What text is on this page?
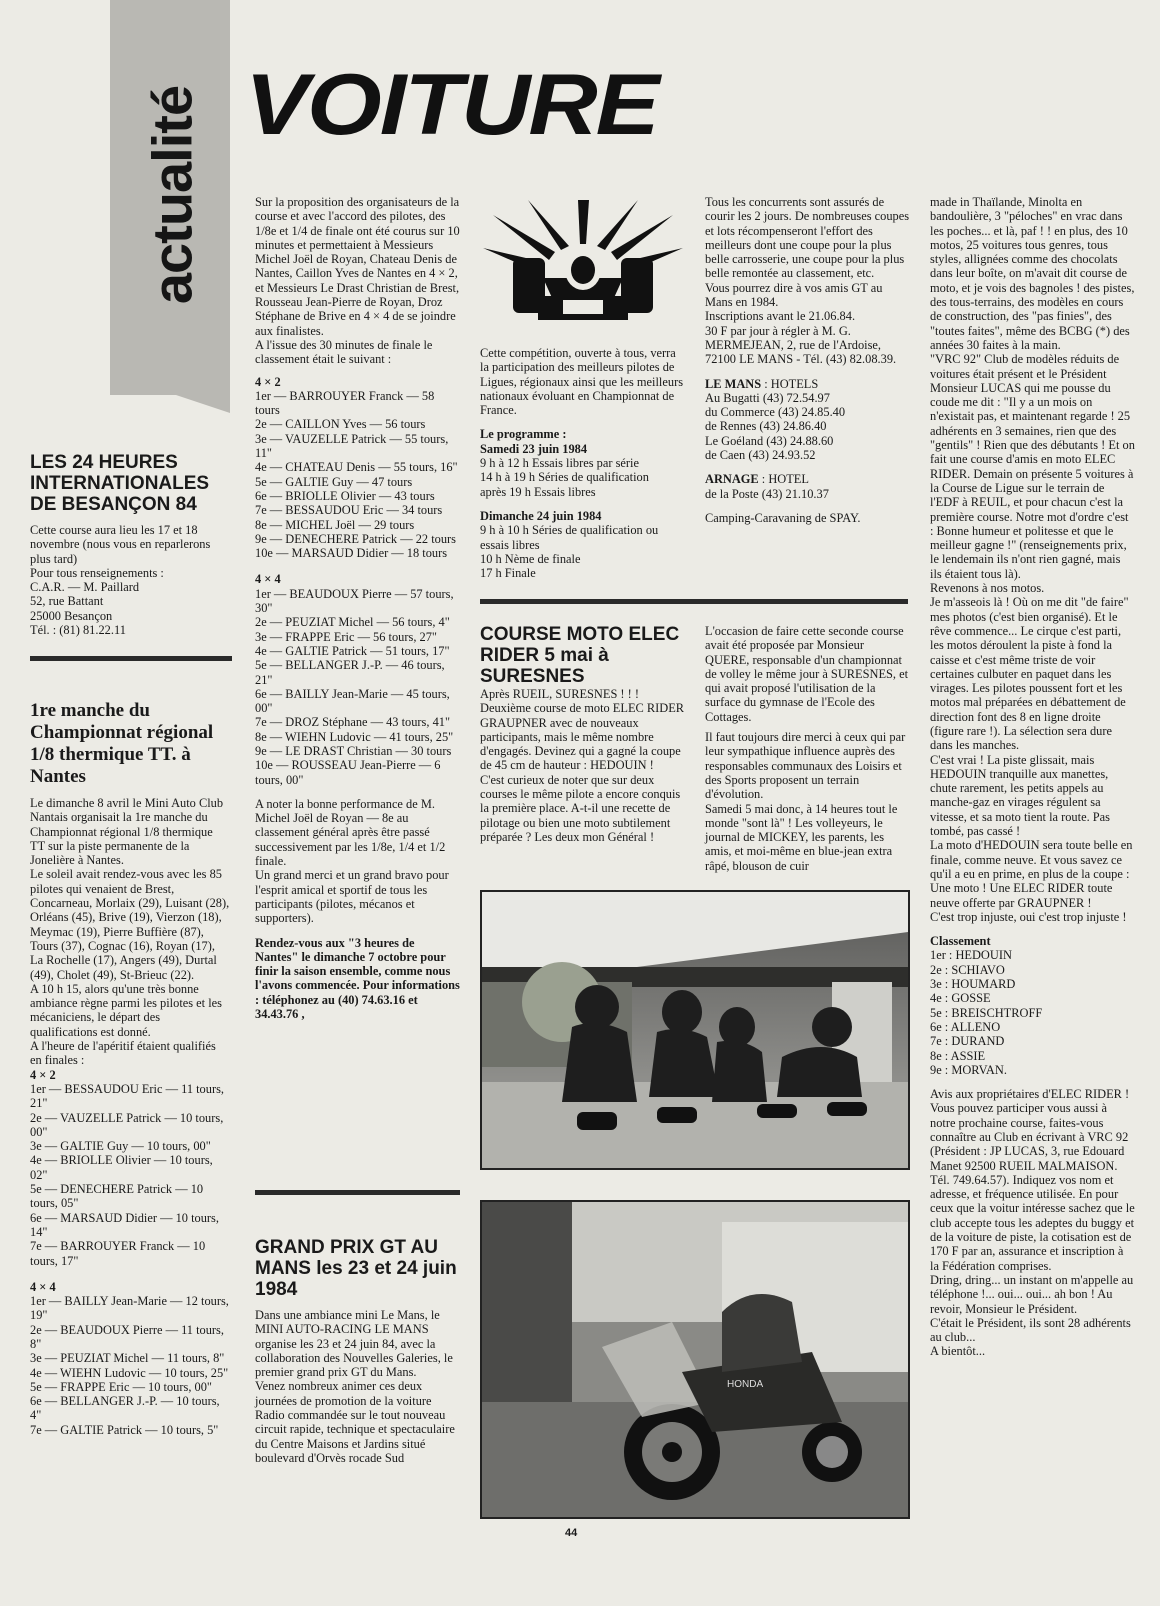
actualité VOITURE
LES 24 HEURES INTERNATIONALES DE BESANÇON 84

Cette course aura lieu les 17 et 18 novembre (nous vous en reparlerons plus tard)

Pour tous renseignements :

C.A.R. — M. Paillard

52, rue Battant

25000 Besançon

Tél. : (81) 81.22.11

1re manche du Championnat régional 1/8 thermique TT. à Nantes

Le dimanche 8 avril le Mini Auto Club Nantais organisait la 1re manche du Championnat régional 1/8 thermique TT sur la piste permanente de la Jonelière à Nantes.

Le soleil avait rendez-vous avec les 85 pilotes qui venaient de Brest, Concarneau, Morlaix (29), Luisant (28), Orléans (45), Brive (19), Vierzon (18), Meymac (19), Pierre Buffière (87), Tours (37), Cognac (16), Royan (17), La Rochelle (17), Angers (49), Durtal (49), Cholet (49), St-Brieuc (22).

A 10 h 15, alors qu'une très bonne ambiance règne parmi les pilotes et les mécaniciens, le départ des qualifications est donné.

A l'heure de l'apéritif étaient qualifiés en finales :

4 × 2
1er — BESSAUDOU Eric — 11 tours, 21"
2e — VAUZELLE Patrick — 10 tours, 00"
3e — GALTIE Guy — 10 tours, 00"
4e — BRIOLLE Olivier — 10 tours, 02"
5e — DENECHERE Patrick — 10 tours, 05"
6e — MARSAUD Didier — 10 tours, 14"
7e — BARROUYER Franck — 10 tours, 17"
4 × 4
1er — BAILLY Jean-Marie — 12 tours, 19"
2e — BEAUDOUX Pierre — 11 tours, 8"
3e — PEUZIAT Michel — 11 tours, 8"
4e — WIEHN Ludovic — 10 tours, 25"
5e — FRAPPE Eric — 10 tours, 00"
6e — BELLANGER J.-P. — 10 tours, 4"
7e — GALTIE Patrick — 10 tours, 5"

Sur la proposition des organisateurs de la course et avec l'accord des pilotes, des 1/8e et 1/4 de finale ont été courus sur 10 minutes et permettaient à Messieurs Michel Joël de Royan, Chateau Denis de Nantes, Caillon Yves de Nantes en 4 × 2, et Messieurs Le Drast Christian de Brest, Rousseau Jean-Pierre de Royan, Droz Stéphane de Brive en 4 × 4 de se joindre aux finalistes.

A l'issue des 30 minutes de finale le classement était le suivant :

4 × 2
1er — BARROUYER Franck — 58 tours
2e — CAILLON Yves — 56 tours
3e — VAUZELLE Patrick — 55 tours, 11"
4e — CHATEAU Denis — 55 tours, 16"
5e — GALTIE Guy — 47 tours
6e — BRIOLLE Olivier — 43 tours
7e — BESSAUDOU Eric — 34 tours
8e — MICHEL Joël — 29 tours
9e — DENECHERE Patrick — 22 tours
10e — MARSAUD Didier — 18 tours
4 × 4
1er — BEAUDOUX Pierre — 57 tours, 30"
2e — PEUZIAT Michel — 56 tours, 4"
3e — FRAPPE Eric — 56 tours, 27"
4e — GALTIE Patrick — 51 tours, 17"
5e — BELLANGER J.-P. — 46 tours, 21"
6e — BAILLY Jean-Marie — 45 tours, 00"
7e — DROZ Stéphane — 43 tours, 41"
8e — WIEHN Ludovic — 41 tours, 25"
9e — LE DRAST Christian — 30 tours
10e — ROUSSEAU Jean-Pierre — 6 tours, 00"

A noter la bonne performance de M. Michel Joël de Royan — 8e au classement général après être passé successivement par les 1/8e, 1/4 et 1/2 finale.

Un grand merci et un grand bravo pour l'esprit amical et sportif de tous les participants (pilotes, mécanos et supporters).

Rendez-vous aux "3 heures de Nantes" le dimanche 7 octobre pour finir la saison ensemble, comme nous l'avons commencée. Pour informations : téléphonez au (40) 74.63.16 et 34.43.76 ,

GRAND PRIX GT AU MANS les 23 et 24 juin 1984

Dans une ambiance mini Le Mans, le MINI AUTO-RACING LE MANS organise les 23 et 24 juin 84, avec la collaboration des Nouvelles Galeries, le premier grand prix GT du Mans.

Venez nombreux animer ces deux journées de promotion de la voiture Radio commandée sur le tout nouveau circuit rapide, technique et spectaculaire du Centre Maisons et Jardins situé boulevard d'Orvès rocade Sud

Cette compétition, ouverte à tous, verra la participation des meilleurs pilotes de Ligues, régionaux ainsi que les meilleurs nationaux évoluant en Championnat de France.

Le programme :

Samedi 23 juin 1984

9 h à 12 h Essais libres par série
14 h à 19 h Séries de qualification
après 19 h Essais libres

Dimanche 24 juin 1984

9 h à 10 h Séries de qualification ou essais libres
10 h Nème de finale
17 h Finale
COURSE MOTO ELEC RIDER 5 mai à SURESNES

Après RUEIL, SURESNES ! ! !

Deuxième course de moto ELEC RIDER GRAUPNER avec de nouveaux participants, mais le même nombre d'engagés. Devinez qui a gagné la coupe de 45 cm de hauteur : HEDOUIN !

C'est curieux de noter que sur deux courses le même pilote a encore conquis la première place. A-t-il une recette de pilotage ou bien une moto subtilement préparée ? Les deux mon Général !

Tous les concurrents sont assurés de courir les 2 jours. De nombreuses coupes et lots récompenseront l'effort des meilleurs dont une coupe pour la plus belle carrosserie, une coupe pour la plus belle remontée au classement, etc.

Vous pourrez dire à vos amis GT au Mans en 1984.

Inscriptions avant le 21.06.84.

30 F par jour à régler à M. G. MERMEJEAN, 2, rue de l'Ardoise, 72100 LE MANS - Tél. (43) 82.08.39.

LE MANS : HOTELS

Au Bugatti (43) 72.54.97
du Commerce (43) 24.85.40
de Rennes (43) 24.86.40
Le Goéland (43) 24.88.60
de Caen (43) 24.93.52

ARNAGE : HOTEL

de la Poste (43) 21.10.37

Camping-Caravaning de SPAY.

L'occasion de faire cette seconde course avait été proposée par Monsieur QUERE, responsable d'un championnat de volley le même jour à SURESNES, et qui avait proposé l'utilisation de la surface du gymnase de l'Ecole des Cottages.

Il faut toujours dire merci à ceux qui par leur sympathique influence auprès des responsables communaux des Loisirs et des Sports proposent un terrain d'évolution.

Samedi 5 mai donc, à 14 heures tout le monde "sont là" ! Les volleyeurs, le journal de MICKEY, les parents, les amis, et moi-même en blue-jean extra râpé, blouson de cuir

HONDA

made in Thaïlande, Minolta en bandoulière, 3 "péloches" en vrac dans les poches... et là, paf ! ! en plus, des 10 motos, 25 voitures tous genres, tous styles, allignées comme des chocolats dans leur boîte, on m'avait dit course de moto, et je vois des bagnoles ! des pistes, des tous-terrains, des modèles en cours de construction, des "pas finies", des "toutes faites", même des BCBG (*) des années 30 faites à la main.

"VRC 92" Club de modèles réduits de voitures était présent et le Président Monsieur LUCAS qui me pousse du coude me dit : "Il y a un mois on n'existait pas, et maintenant regarde ! 25 adhérents en 3 semaines, rien que des "gentils" ! Rien que des débutants ! Et on fait une course d'amis en moto ELEC RIDER. Demain on présente 5 voitures à la Course de Ligue sur le terrain de l'EDF à REUIL, et pour chacun c'est la première course. Notre mot d'ordre c'est : Bonne humeur et politesse et que le meilleur gagne !" (renseignements prix, le lendemain ils n'ont rien gagné, mais ils étaient tous là).

Revenons à nos motos.

Je m'asseois là ! Où on me dit "de faire" mes photos (c'est bien organisé). Et le rêve commence... Le cirque c'est parti, les motos déroulent la piste à fond la caisse et c'est même triste de voir certaines culbuter en paquet dans les virages. Les pilotes poussent fort et les motos mal préparées en débattement de direction font des 8 en ligne droite (figure rare !). La sélection sera dure dans les manches.

C'est vrai ! La piste glissait, mais HEDOUIN tranquille aux manettes, chute rarement, les petits appels au manche-gaz en virages régulent sa vitesse, et sa moto tient la route. Pas tombé, pas cassé !

La moto d'HEDOUIN sera toute belle en finale, comme neuve. Et vous savez ce qu'il a eu en prime, en plus de la coupe : Une moto ! Une ELEC RIDER toute neuve offerte par GRAUPNER !

C'est trop injuste, oui c'est trop injuste !

Classement

1er : HEDOUIN
2e : SCHIAVO
3e : HOUMARD
4e : GOSSE
5e : BREISCHTROFF
6e : ALLENO
7e : DURAND
8e : ASSIE
9e : MORVAN.

Avis aux propriétaires d'ELEC RIDER !

Vous pouvez participer vous aussi à notre prochaine course, faites-vous connaître au Club en écrivant à VRC 92 (Président : JP LUCAS, 3, rue Edouard Manet 92500 RUEIL MALMAISON. Tél. 749.64.57). Indiquez vos nom et adresse, et fréquence utilisée. En pour ceux que la voitur intéresse sachez que le club accepte tous les adeptes du buggy et de la voiture de piste, la cotisation est de 170 F par an, assurance et inscription à la Fédération comprises.

Dring, dring... un instant on m'appelle au téléphone !... oui... oui... ah bon ! Au revoir, Monsieur le Président.

C'était le Président, ils sont 28 adhérents au club...

A bientôt...

44
